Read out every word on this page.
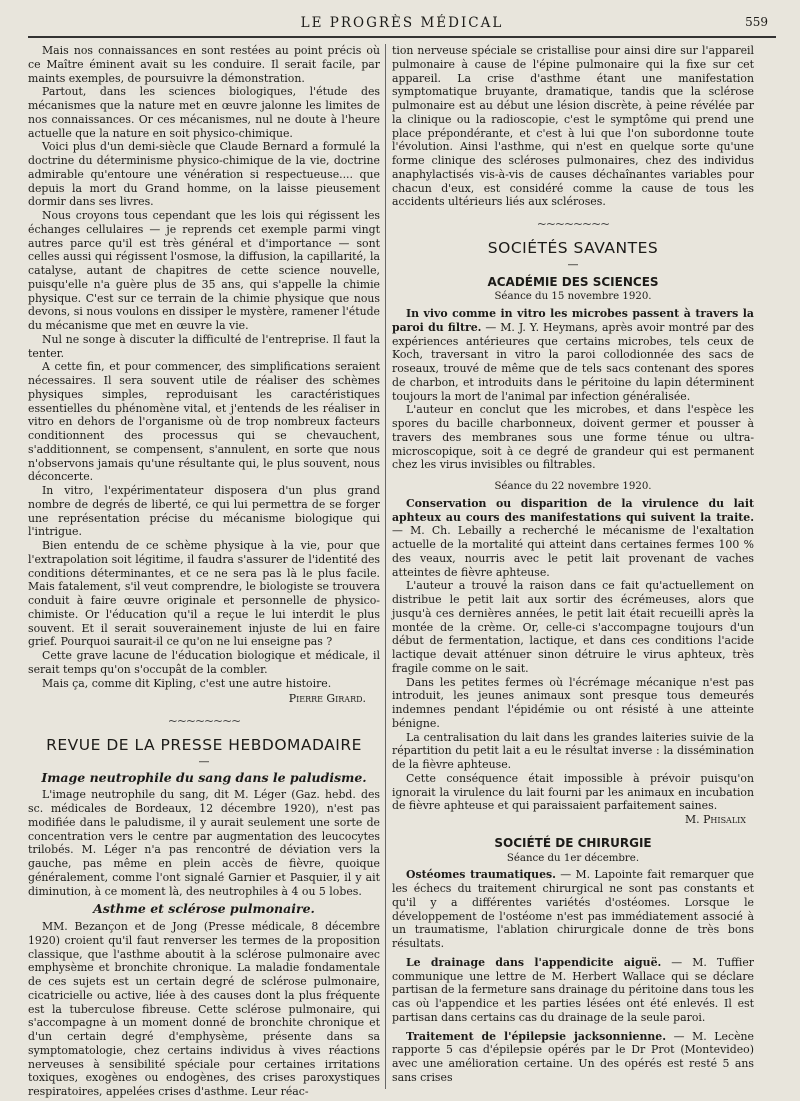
LE PROGRÈS MÉDICAL	559

Mais nos connaissances en sont restées au point précis où ce Maître éminent avait su les conduire. Il serait facile, par maints exemples, de poursuivre la démonstration.

Partout, dans les sciences biologiques, l'étude des mécanismes que la nature met en œuvre jalonne les limites de nos connaissances. Or ces mécanismes, nul ne doute à l'heure actuelle que la nature en soit physico-chimique.

Voici plus d'un demi-siècle que Claude Bernard a formulé la doctrine du déterminisme physico-chimique de la vie, doctrine admirable qu'entoure une vénération si respectueuse.... que depuis la mort du Grand homme, on la laisse pieusement dormir dans ses livres.

Nous croyons tous cependant que les lois qui régissent les échanges cellulaires — je reprends cet exemple parmi vingt autres parce qu'il est très général et d'importance — sont celles aussi qui régissent l'osmose, la diffusion, la capillarité, la catalyse, autant de chapitres de cette science nouvelle, puisqu'elle n'a guère plus de 35 ans, qui s'appelle la chimie physique. C'est sur ce terrain de la chimie physique que nous devons, si nous voulons en dissiper le mystère, ramener l'étude du mécanisme que met en œuvre la vie.

Nul ne songe à discuter la difficulté de l'entreprise. Il faut la tenter.

A cette fin, et pour commencer, des simplifications seraient nécessaires. Il sera souvent utile de réaliser des schèmes physiques simples, reproduisant les caractéristiques essentielles du phénomène vital, et j'entends de les réaliser in vitro en dehors de l'organisme où de trop nombreux facteurs conditionnent des processus qui se chevauchent, s'additionnent, se compensent, s'annulent, en sorte que nous n'observons jamais qu'une résultante qui, le plus souvent, nous déconcerte.

In vitro, l'expérimentateur disposera d'un plus grand nombre de degrés de liberté, ce qui lui permettra de se forger une représentation précise du mécanisme biologique qui l'intrigue.

Bien entendu de ce schème physique à la vie, pour que l'extrapolation soit légitime, il faudra s'assurer de l'identité des conditions déterminantes, et ce ne sera pas là le plus facile. Mais fatalement, s'il veut comprendre, le biologiste se trouvera conduit à faire œuvre originale et personnelle de physico-chimiste. Or l'éducation qu'il a reçue le lui interdit le plus souvent. Et il serait souverainement injuste de lui en faire grief. Pourquoi saurait-il ce qu'on ne lui enseigne pas ?

Cette grave lacune de l'éducation biologique et médicale, il serait temps qu'on s'occupât de la combler.

Mais ça, comme dit Kipling, c'est une autre histoire.

Pierre Girard.
~~~~~~~~
REVUE DE LA PRESSE HEBDOMADAIRE
—
Image neutrophile du sang dans le paludisme.

L'image neutrophile du sang, dit M. Léger (Gaz. hebd. des sc. médicales de Bordeaux, 12 décembre 1920), n'est pas modifiée dans le paludisme, il y aurait seulement une sorte de concentration vers le centre par augmentation des leucocytes trilobés. M. Léger n'a pas rencontré de déviation vers la gauche, pas même en plein accès de fièvre, quoique généralement, comme l'ont signalé Garnier et Pasquier, il y ait diminution, à ce moment là, des neutrophiles à 4 ou 5 lobes.

Asthme et sclérose pulmonaire.

MM. Bezançon et de Jong (Presse médicale, 8 décembre 1920) croient qu'il faut renverser les termes de la proposition classique, que l'asthme aboutit à la sclérose pulmonaire avec emphysème et bronchite chronique. La maladie fondamentale de ces sujets est un certain degré de sclérose pulmonaire, cicatricielle ou active, liée à des causes dont la plus fréquente est la tuberculose fibreuse. Cette sclérose pulmonaire, qui s'accompagne à un moment donné de bronchite chronique et d'un certain degré d'emphysème, présente dans sa symptomatologie, chez certains individus à vives réactions nerveuses à sensibilité spéciale pour certaines irritations toxiques, exogènes ou endogènes, des crises paroxystiques respiratoires, appelées crises d'asthme. Leur réac-

tion nerveuse spéciale se cristallise pour ainsi dire sur l'appareil pulmonaire à cause de l'épine pulmonaire qui la fixe sur cet appareil. La crise d'asthme étant une manifestation symptomatique bruyante, dramatique, tandis que la sclérose pulmonaire est au début une lésion discrète, à peine révélée par la clinique ou la radioscopie, c'est le symptôme qui prend une place prépondérante, et c'est à lui que l'on subordonne toute l'évolution. Ainsi l'asthme, qui n'est en quelque sorte qu'une forme clinique des scléroses pulmonaires, chez des individus anaphylactisés vis-à-vis de causes déchaînantes variables pour chacun d'eux, est considéré comme la cause de tous les accidents ultérieurs liés aux scléroses.

~~~~~~~~
SOCIÉTÉS SAVANTES
—
ACADÉMIE DES SCIENCES
Séance du 15 novembre 1920.

In vivo comme in vitro les microbes passent à travers la paroi du filtre. — M. J. Y. Heymans, après avoir montré par des expériences antérieures que certains microbes, tels ceux de Koch, traversant in vitro la paroi collodionnée des sacs de roseaux, trouvé de même que de tels sacs contenant des spores de charbon, et introduits dans le péritoine du lapin déterminent toujours la mort de l'animal par infection généralisée.

L'auteur en conclut que les microbes, et dans l'espèce les spores du bacille charbonneux, doivent germer et pousser à travers des membranes sous une forme ténue ou ultra-microscopique, soit à ce degré de grandeur qui est permanent chez les virus invisibles ou filtrables.

Séance du 22 novembre 1920.

Conservation ou disparition de la virulence du lait aphteux au cours des manifestations qui suivent la traite. — M. Ch. Lebailly a recherché le mécanisme de l'exaltation actuelle de la mortalité qui atteint dans certaines fermes 100 % des veaux, nourris avec le petit lait provenant de vaches atteintes de fièvre aphteuse.

L'auteur a trouvé la raison dans ce fait qu'actuellement on distribue le petit lait aux sortir des écrémeuses, alors que jusqu'à ces dernières années, le petit lait était recueilli après la montée de la crème. Or, celle-ci s'accompagne toujours d'un début de fermentation, lactique, et dans ces conditions l'acide lactique devait atténuer sinon détruire le virus aphteux, très fragile comme on le sait.

Dans les petites fermes où l'écrémage mécanique n'est pas introduit, les jeunes animaux sont presque tous demeurés indemnes pendant l'épidémie ou ont résisté à une atteinte bénigne.

La centralisation du lait dans les grandes laiteries suivie de la répartition du petit lait a eu le résultat inverse : la dissémination de la fièvre aphteuse.

Cette conséquence était impossible à prévoir puisqu'on ignorait la virulence du lait fourni par les animaux en incubation de fièvre aphteuse et qui paraissaient parfaitement saines.

M. Phisalix
SOCIÉTÉ DE CHIRURGIE
Séance du 1er décembre.

Ostéomes traumatiques. — M. Lapointe fait remarquer que les échecs du traitement chirurgical ne sont pas constants et qu'il y a différentes variétés d'ostéomes. Lorsque le développement de l'ostéome n'est pas immédiatement associé à un traumatisme, l'ablation chirurgicale donne de très bons résultats.

Le drainage dans l'appendicite aiguë. — M. Tuffier communique une lettre de M. Herbert Wallace qui se déclare partisan de la fermeture sans drainage du péritoine dans tous les cas où l'appendice et les parties lésées ont été enlevés. Il est partisan dans certains cas du drainage de la seule paroi.

Traitement de l'épilepsie jacksonnienne. — M. Lecène rapporte 5 cas d'épilepsie opérés par le Dr Prot (Montevideo) avec une amélioration certaine. Un des opérés est resté 5 ans sans crises
